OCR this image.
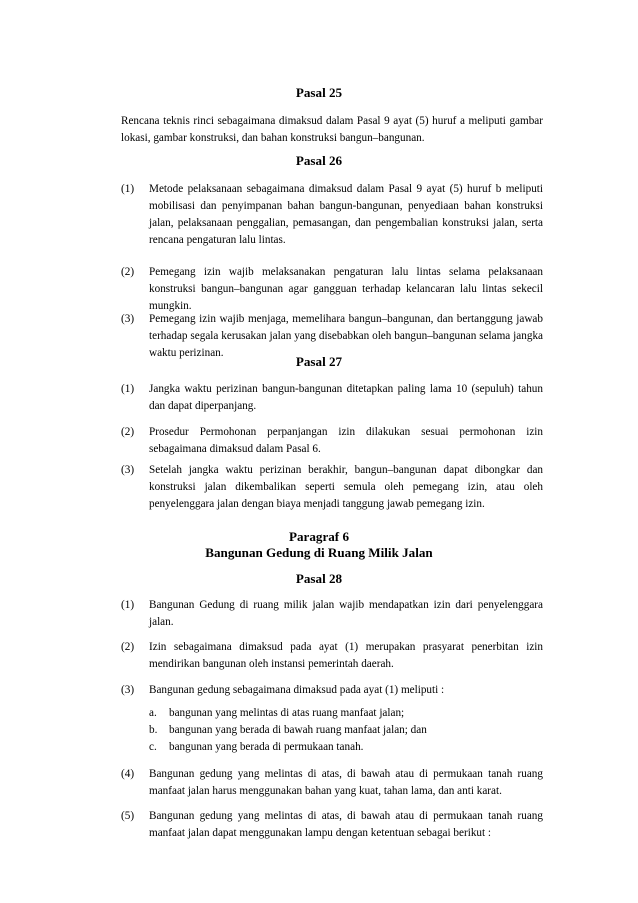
Pasal 25

Rencana teknis rinci sebagaimana dimaksud dalam Pasal 9 ayat (5) huruf a meliputi gambar lokasi, gambar konstruksi, dan bahan konstruksi bangun–bangunan.

Pasal 26
(1) Metode pelaksanaan sebagaimana dimaksud dalam Pasal 9 ayat (5) huruf b meliputi mobilisasi dan penyimpanan bahan bangun-bangunan, penyediaan bahan konstruksi jalan, pelaksanaan penggalian, pemasangan, dan pengembalian konstruksi jalan, serta rencana pengaturan lalu lintas.
(2) Pemegang izin wajib melaksanakan pengaturan lalu lintas selama pelaksanaan konstruksi bangun–bangunan agar gangguan terhadap kelancaran lalu lintas sekecil mungkin.
(3) Pemegang izin wajib menjaga, memelihara bangun–bangunan, dan bertanggung jawab terhadap segala kerusakan jalan yang disebabkan oleh bangun–bangunan selama jangka waktu perizinan.
Pasal 27
(1) Jangka waktu perizinan bangun-bangunan ditetapkan paling lama 10 (sepuluh) tahun dan dapat diperpanjang.
(2) Prosedur Permohonan perpanjangan izin dilakukan sesuai permohonan izin sebagaimana dimaksud dalam Pasal 6.
(3) Setelah jangka waktu perizinan berakhir, bangun–bangunan dapat dibongkar dan konstruksi jalan dikembalikan seperti semula oleh pemegang izin, atau oleh penyelenggara jalan dengan biaya menjadi tanggung jawab pemegang izin.
Paragraf 6
Bangunan Gedung di Ruang Milik Jalan
Pasal 28
(1) Bangunan Gedung di ruang milik jalan wajib mendapatkan izin dari penyelenggara jalan.
(2) Izin sebagaimana dimaksud pada ayat (1) merupakan prasyarat penerbitan izin mendirikan bangunan oleh instansi pemerintah daerah.
(3) Bangunan gedung sebagaimana dimaksud pada ayat (1) meliputi :
a. bangunan yang melintas di atas ruang manfaat jalan;
b. bangunan yang berada di bawah ruang manfaat jalan; dan
c. bangunan yang berada di permukaan tanah.
(4) Bangunan gedung yang melintas di atas, di bawah atau di permukaan tanah ruang manfaat jalan harus menggunakan bahan yang kuat, tahan lama, dan anti karat.
(5) Bangunan gedung yang melintas di atas, di bawah atau di permukaan tanah ruang manfaat jalan dapat menggunakan lampu dengan ketentuan sebagai berikut :
